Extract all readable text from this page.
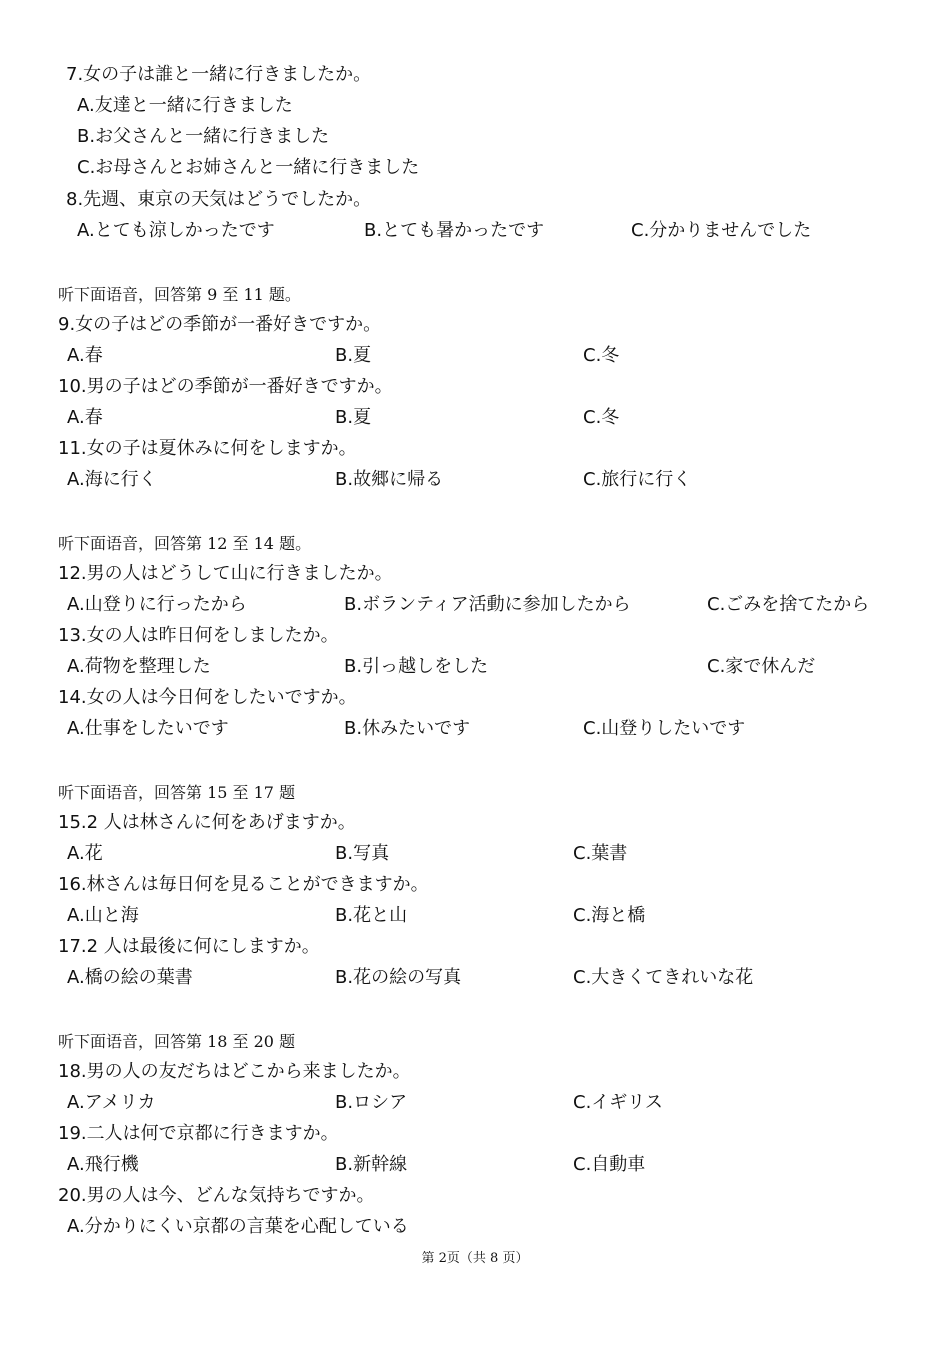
7.女の子は誰と一緒に行きましたか。
A.友達と一緒に行きました
B.お父さんと一緒に行きました
C.お母さんとお姉さんと一緒に行きました
8.先週、東京の天気はどうでしたか。
A.とても涼しかったです	B.とても暑かったです	C.分かりませんでした
听下面语音，回答第 9 至 11 题。
9.女の子はどの季節が一番好きですか。
A.春	B.夏	C.冬
10.男の子はどの季節が一番好きですか。
A.春	B.夏	C.冬
11.女の子は夏休みに何をしますか。
A.海に行く	B.故郷に帰る	C.旅行に行く
听下面语音，回答第 12 至 14 题。
12.男の人はどうして山に行きましたか。
A.山登りに行ったから	B.ボランティア活動に参加したから	C.ごみを捨てたから
13.女の人は昨日何をしましたか。
A.荷物を整理した	B.引っ越しをした	C.家で休んだ
14.女の人は今日何をしたいですか。
A.仕事をしたいです	B.休みたいです	C.山登りしたいです
听下面语音，回答第 15 至 17 题
15.2 人は林さんに何をあげますか。
A.花	B.写真	C.葉書
16.林さんは毎日何を見ることができますか。
A.山と海	B.花と山	C.海と橋
17.2 人は最後に何にしますか。
A.橋の絵の葉書	B.花の絵の写真	C.大きくてきれいな花
听下面语音，回答第 18 至 20 题
18.男の人の友だちはどこから来ましたか。
A.アメリカ	B.ロシア	C.イギリス
19.二人は何で京都に行きますか。
A.飛行機	B.新幹線	C.自動車
20.男の人は今、どんな気持ちですか。
A.分かりにくい京都の言葉を心配している
第 2页（共 8 页）
